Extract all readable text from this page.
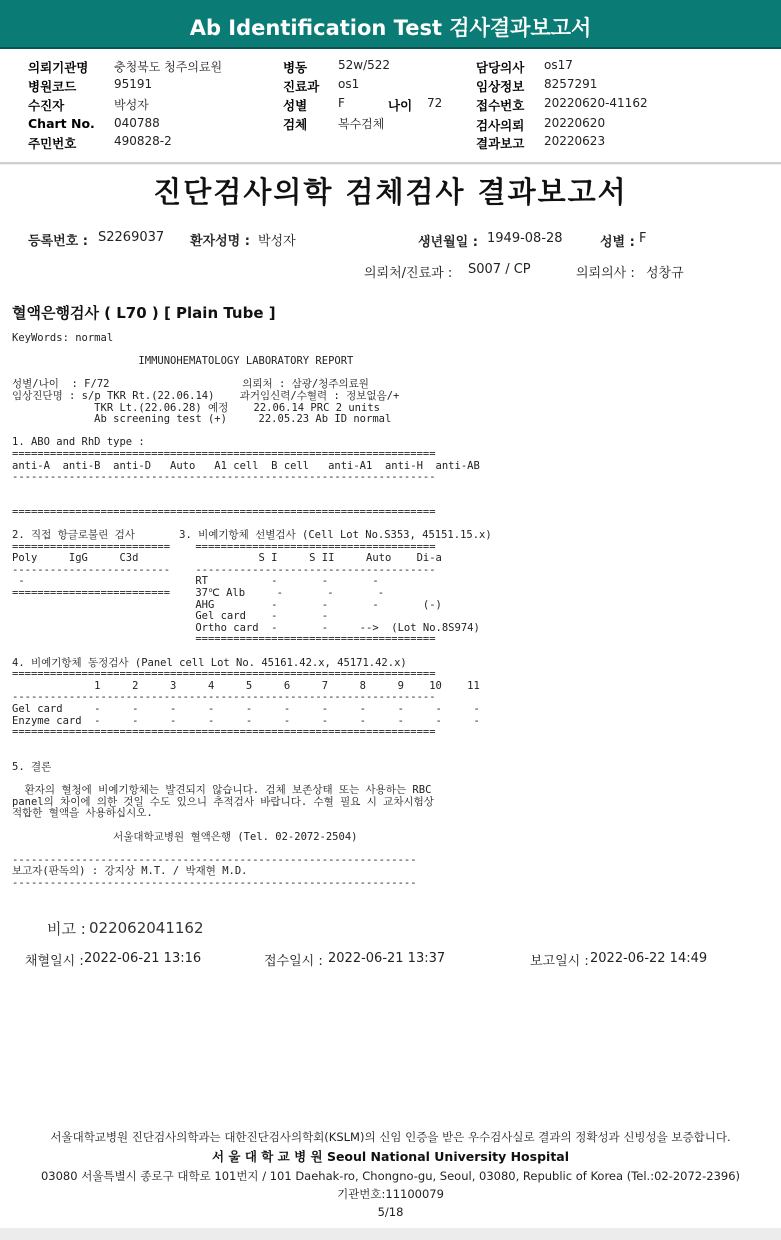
Ab Identification Test 검사결과보고서
의뢰기관명 충청북도 청주의료원	병동	52w/522	담당의사 os17
병원코드	95191	진료과 os1	임상정보 8257291
수진자	박성자	성별	F	나이 72	접수번호 20220620-41162
Chart No. 040788	검체	복수검체	검사의뢰 20220620
주민번호	490828-2	결과보고 20220623
진단검사의학 검체검사 결과보고서
등록번호 : S2269037 환자성명 : 박성자	생년월일 : 1949-08-28	성별 : F
의뢰처/진료과 : S007 / CP	의뢰의사 : 성창규
혈액은행검사 ( L70 ) [ Plain Tube ]
KeyWords: normal
IMMUNOHEMATOLOGY LABORATORY REPORT
성별/나이  : F/72                     의뢰처 : 삼광/청주의료원
임상진단명 : s/p TKR Rt.(22.06.14)    과거임신력/수혈력 : 정보없음/+
TKR Lt.(22.06.28) 예정    22.06.14 PRC 2 units
Ab screening test (+)     22.05.23 Ab ID normal
1. ABO and RhD type :
===================================================================
anti-A  anti-B  anti-D   Auto   A1 cell  B cell   anti-A1  anti-H  anti-AB
-------------------------------------------------------------------
===================================================================
2. 직접 항글로불린 검사       3. 비예기항체 선별검사 (Cell Lot No.S353, 45151.15.x)
=========================    ======================================
Poly     IgG     C3d                   S I     S II     Auto    Di-a
-------------------------    --------------------------------------
-                           RT          -       -       -
=========================    37℃ Alb     -       -       -
AHG         -       -       -       (-)
Gel card    -       -
Ortho card  -       -     -->  (Lot No.8S974)
======================================
4. 비예기항체 동정검사 (Panel cell Lot No. 45161.42.x, 45171.42.x)
===================================================================
1     2     3     4     5     6     7     8     9    10    11
-------------------------------------------------------------------
Gel card     -     -     -     -     -     -     -     -     -     -     -
Enzyme card  -     -     -     -     -     -     -     -     -     -     -
===================================================================
5. 결론
환자의 혈청에 비예기항체는 발견되지 않습니다. 검체 보존상태 또는 사용하는 RBC
panel의 차이에 의한 것일 수도 있으니 추적검사 바랍니다. 수혈 필요 시 교차시험상
적합한 혈액을 사용하십시오.
서울대학교병원 혈액은행 (Tel. 02-2072-2504)
----------------------------------------------------------------
보고자(판독의) : 강지상 M.T. / 박재현 M.D.
----------------------------------------------------------------
비고 : 022062041162
채혈일시 : 2022-06-21 13:16	접수일시 : 2022-06-21 13:37	보고일시 : 2022-06-22 14:49
서울대학교병원 진단검사의학과는 대한진단검사의학회(KSLM)의 신임 인증을 받은 우수검사실로 결과의 정확성과 신빙성을 보증합니다.
서 울 대 학 교 병 원 Seoul National University Hospital
03080 서울특별시 종로구 대학로 101번지 / 101 Daehak-ro, Chongno-gu, Seoul, 03080, Republic of Korea (Tel.:02-2072-2396)
기관번호:11100079
5/18
